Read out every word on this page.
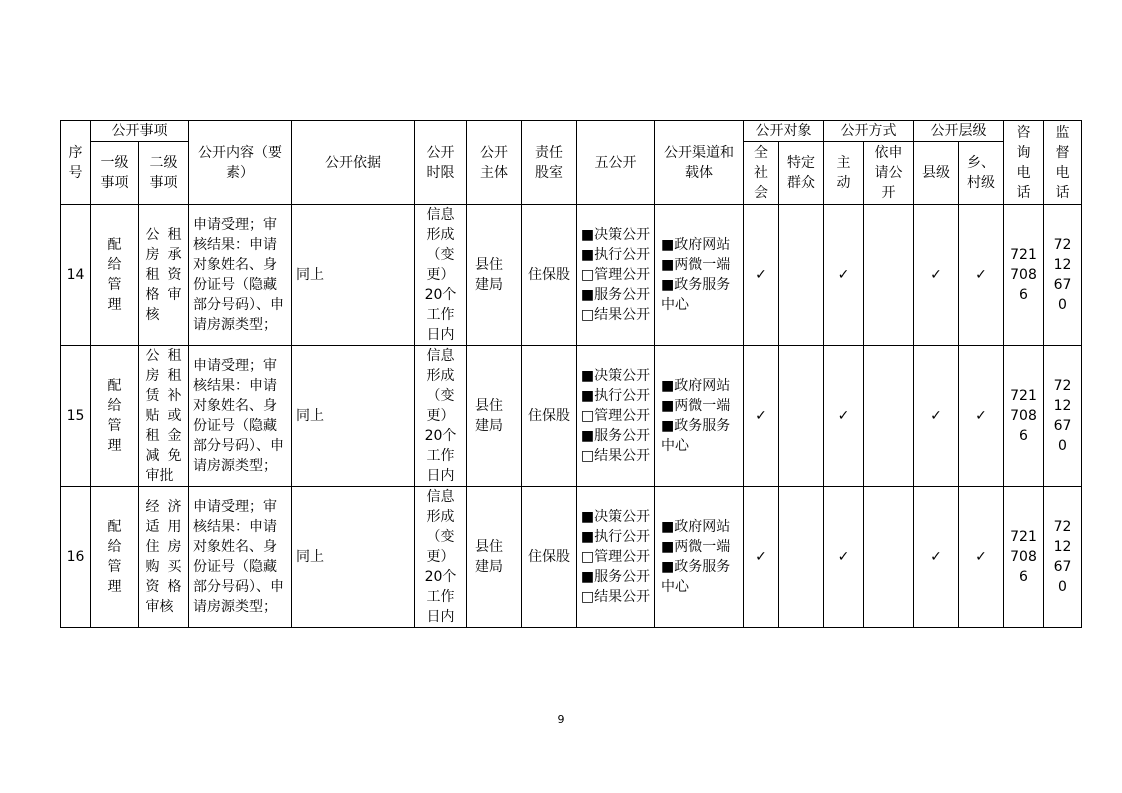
序号	公开事项		公开内容（要素）	公开依据	公开时限	公开主体	责任股室	五公开	公开渠道和载体	公开对象		公开方式		公开层级		咨询电话	监督电话

	一级事项	二级事项								全社会	特定群众	主动	依申请公开	县级	乡、村级		

14	配给管理	公租房承租资格审核	申请受理；审核结果：申请对象姓名、身份证号（隐藏部分号码）、申请房源类型；	同上	信息形成（变更）20个工作日内	县住建局	住保股	■决策公开
■执行公开
□管理公开
■服务公开
□结果公开	■政府网站
■两微一端
■政务服务中心	✓		✓		✓	✓	7217086	7212670

15	配给管理	公租房租赁补贴或租金减免审批	申请受理；审核结果：申请对象姓名、身份证号（隐藏部分号码）、申请房源类型；	同上	信息形成（变更）20个工作日内	县住建局	住保股	■决策公开
■执行公开
□管理公开
■服务公开
□结果公开	■政府网站
■两微一端
■政务服务中心	✓		✓		✓	✓	7217086	7212670

16	配给管理	经济适用住房购买资格审核	申请受理；审核结果：申请对象姓名、身份证号（隐藏部分号码）、申请房源类型；	同上	信息形成（变更）20个工作日内	县住建局	住保股	■决策公开
■执行公开
□管理公开
■服务公开
□结果公开	■政府网站
■两微一端
■政务服务中心	✓		✓		✓	✓	7217086	7212670
9
